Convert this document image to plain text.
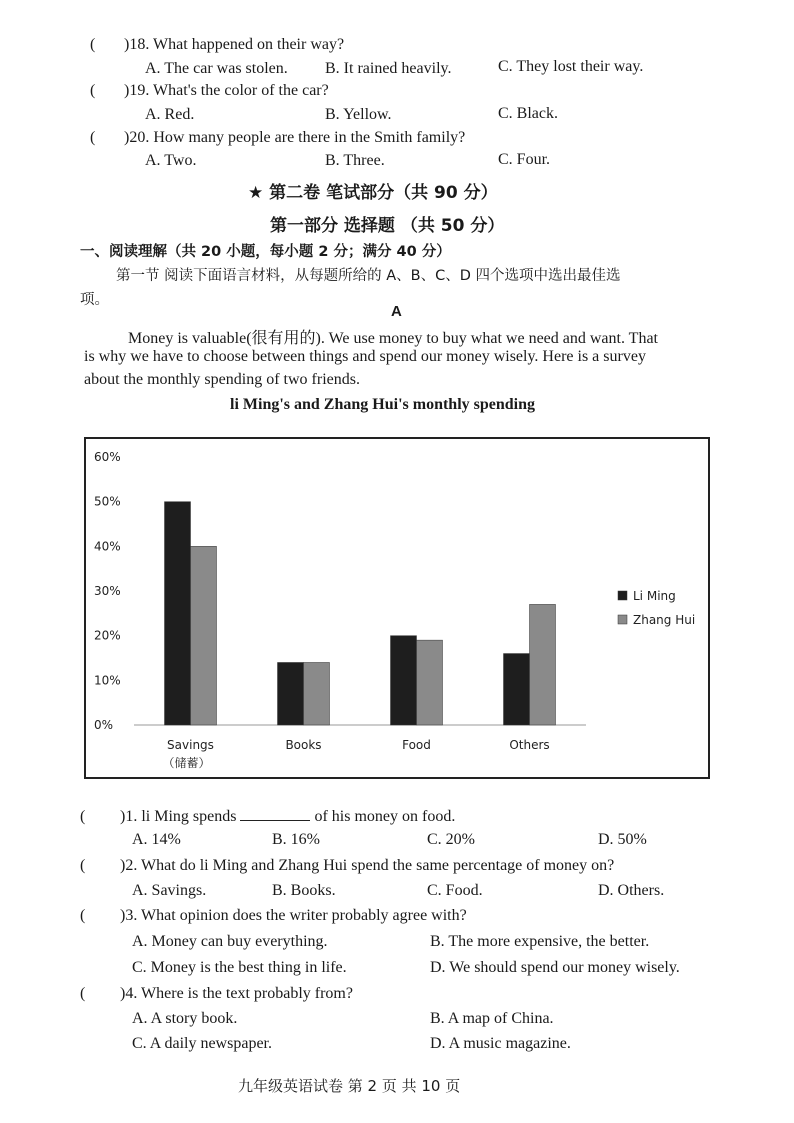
( )18. What happened on their way?
A. The car was stolen. B. It rained heavily.	C. They lost their way.
( )19. What's the color of the car?
A. Red.	B. Yellow.	C. Black.
( )20. How many people are there in the Smith family?
A. Two.	B. Three.	C. Four.
★ 第二卷 笔试部分（共 90 分）
第一部分 选择题 （共 50 分）
一、阅读理解（共 20 小题，每小题 2 分；满分 40 分）
第一节 阅读下面语言材料，从每题所给的 A、B、C、D 四个选项中选出最佳选
项。
A
Money is valuable(很有用的). We use money to buy what we need and want. That
is why we have to choose between things and spend our money wisely. Here is a survey
about the monthly spending of two friends.
li Ming's and Zhang Hui's monthly spending
0%
10%
20%
30%
40%
50%
60%
Savings
（储蓄）
Books	Food	Others
Li Ming
Zhang Hui
( )1. li Ming spends	of his money on food.
A. 14%	B. 16%	C. 20%	D. 50%
( )2. What do li Ming and Zhang Hui spend the same percentage of money on?
A. Savings.	B. Books.	C. Food.	D. Others.
( )3. What opinion does the writer probably agree with?
A. Money can buy everything.	B. The more expensive, the better.
C. Money is the best thing in life.	D. We should spend our money wisely.
( )4. Where is the text probably from?
A. A story book.	B. A map of China.
C. A daily newspaper.	D. A music magazine.
九年级英语试卷 第 2 页 共 10 页
